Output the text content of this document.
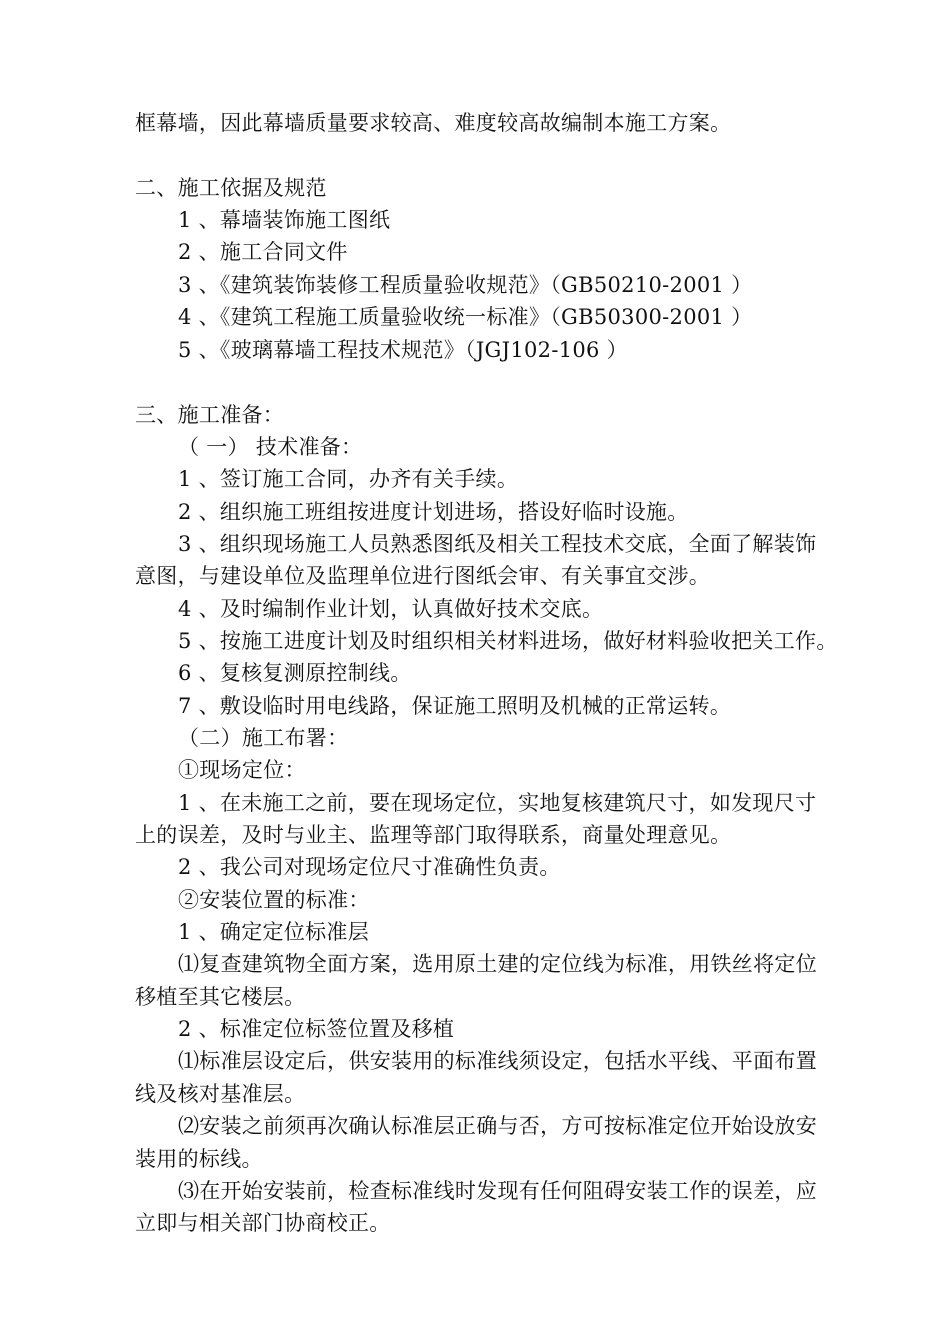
框幕墙，因此幕墙质量要求较高、难度较高故编制本施工方案。
二、施工依据及规范
1 、幕墙装饰施工图纸
2 、施工合同文件
3 、《建筑装饰装修工程质量验收规范》（GB50210-2001 ）
4 、《建筑工程施工质量验收统一标准》（GB50300-2001 ）
5 、《玻璃幕墙工程技术规范》（JGJ102-106 ）
三、施工准备：
（ 一） 技术准备：
1 、签订施工合同，办齐有关手续。
2 、组织施工班组按进度计划进场，搭设好临时设施。
3 、组织现场施工人员熟悉图纸及相关工程技术交底，全面了解装饰
意图，与建设单位及监理单位进行图纸会审、有关事宜交涉。
4 、及时编制作业计划，认真做好技术交底。
5 、按施工进度计划及时组织相关材料进场，做好材料验收把关工作。
6 、复核复测原控制线。
7 、敷设临时用电线路，保证施工照明及机械的正常运转。
（二）施工布署：
①现场定位：
1 、在未施工之前，要在现场定位，实地复核建筑尺寸，如发现尺寸
上的误差，及时与业主、监理等部门取得联系，商量处理意见。
2 、我公司对现场定位尺寸准确性负责。
②安装位置的标准：
1 、确定定位标准层
⑴复查建筑物全面方案，选用原土建的定位线为标准，用铁丝将定位
移植至其它楼层。
2 、标准定位标签位置及移植
⑴标准层设定后，供安装用的标准线须设定，包括水平线、平面布置
线及核对基准层。
⑵安装之前须再次确认标准层正确与否，方可按标准定位开始设放安
装用的标线。
⑶在开始安装前，检查标准线时发现有任何阻碍安装工作的误差，应
立即与相关部门协商校正。
